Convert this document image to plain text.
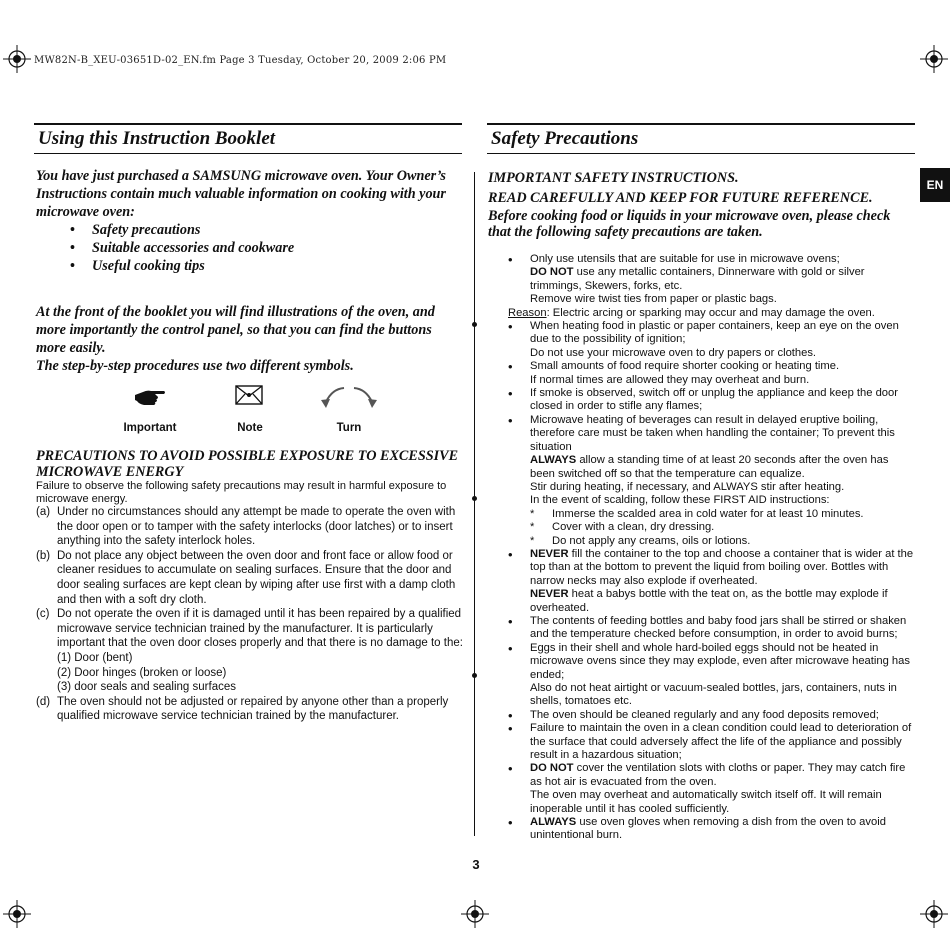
MW82N-B_XEU-03651D-02_EN.fm Page 3 Tuesday, October 20, 2009 2:06 PM
EN
Using this Instruction Booklet
You have just purchased a SAMSUNG microwave oven. Your Owner’s Instructions contain much valuable information on cooking with your microwave oven:
• Safety precautions
• Suitable accessories and cookware
• Useful cooking tips
At the front of the booklet you will find illustrations of the oven, and more importantly the control panel, so that you can find the buttons more easily.
The step-by-step procedures use two different symbols.
Important	Note	Turn
PRECAUTIONS TO AVOID POSSIBLE EXPOSURE TO EXCESSIVE MICROWAVE ENERGY
Failure to observe the following safety precautions may result in harmful exposure to microwave energy.
(a) Under no circumstances should any attempt be made to operate the oven with the door open or to tamper with the safety interlocks (door latches) or to insert anything into the safety interlock holes.
(b) Do not place any object between the oven door and front face or allow food or cleaner residues to accumulate on sealing surfaces. Ensure that the door and door sealing surfaces are kept clean by wiping after use first with a damp cloth and then with a soft dry cloth.
(c) Do not operate the oven if it is damaged until it has been repaired by a qualified microwave service technician trained by the manufacturer. It is particularly important that the oven door closes properly and that there is no damage to the:
(1) Door (bent)
(2) Door hinges (broken or loose)
(3) door seals and sealing surfaces
(d) The oven should not be adjusted or repaired by anyone other than a properly qualified microwave service technician trained by the manufacturer.
Safety Precautions
IMPORTANT SAFETY INSTRUCTIONS.
READ CAREFULLY AND KEEP FOR FUTURE REFERENCE.
Before cooking food or liquids in your microwave oven, please check that the following safety precautions are taken.
• Only use utensils that are suitable for use in microwave ovens;
DO NOT use any metallic containers, Dinnerware with gold or silver trimmings, Skewers, forks, etc.
Remove wire twist ties from paper or plastic bags.
Reason: Electric arcing or sparking may occur and may damage the oven.
• When heating food in plastic or paper containers, keep an eye on the oven due to the possibility of ignition;
Do not use your microwave oven to dry papers or clothes.
• Small amounts of food require shorter cooking or heating time.
If normal times are allowed they may overheat and burn.
• If smoke is observed, switch off or unplug the appliance and keep the door closed in order to stifle any flames;
• Microwave heating of beverages can result in delayed eruptive boiling, therefore care must be taken when handling the container; To prevent this situation
ALWAYS allow a standing time of at least 20 seconds after the oven has been switched off so that the temperature can equalize.
Stir during heating, if necessary, and ALWAYS stir after heating.
In the event of scalding, follow these FIRST AID instructions:
* Immerse the scalded area in cold water for at least 10 minutes.
* Cover with a clean, dry dressing.
* Do not apply any creams, oils or lotions.
• NEVER fill the container to the top and choose a container that is wider at the top than at the bottom to prevent the liquid from boiling over. Bottles with narrow necks may also explode if overheated.
NEVER heat a babys bottle with the teat on, as the bottle may explode if overheated.
• The contents of feeding bottles and baby food jars shall be stirred or shaken and the temperature checked before consumption, in order to avoid burns;
• Eggs in their shell and whole hard-boiled eggs should not be heated in microwave ovens since they may explode, even after microwave heating has ended;
Also do not heat airtight or vacuum-sealed bottles, jars, containers, nuts in shells, tomatoes etc.
• The oven should be cleaned regularly and any food deposits removed;
• Failure to maintain the oven in a clean condition could lead to deterioration of the surface that could adversely affect the life of the appliance and possibly result in a hazardous situation;
• DO NOT cover the ventilation slots with cloths or paper. They may catch fire as hot air is evacuated from the oven.
The oven may overheat and automatically switch itself off. It will remain inoperable until it has cooled sufficiently.
• ALWAYS use oven gloves when removing a dish from the oven to avoid unintentional burn.
3
